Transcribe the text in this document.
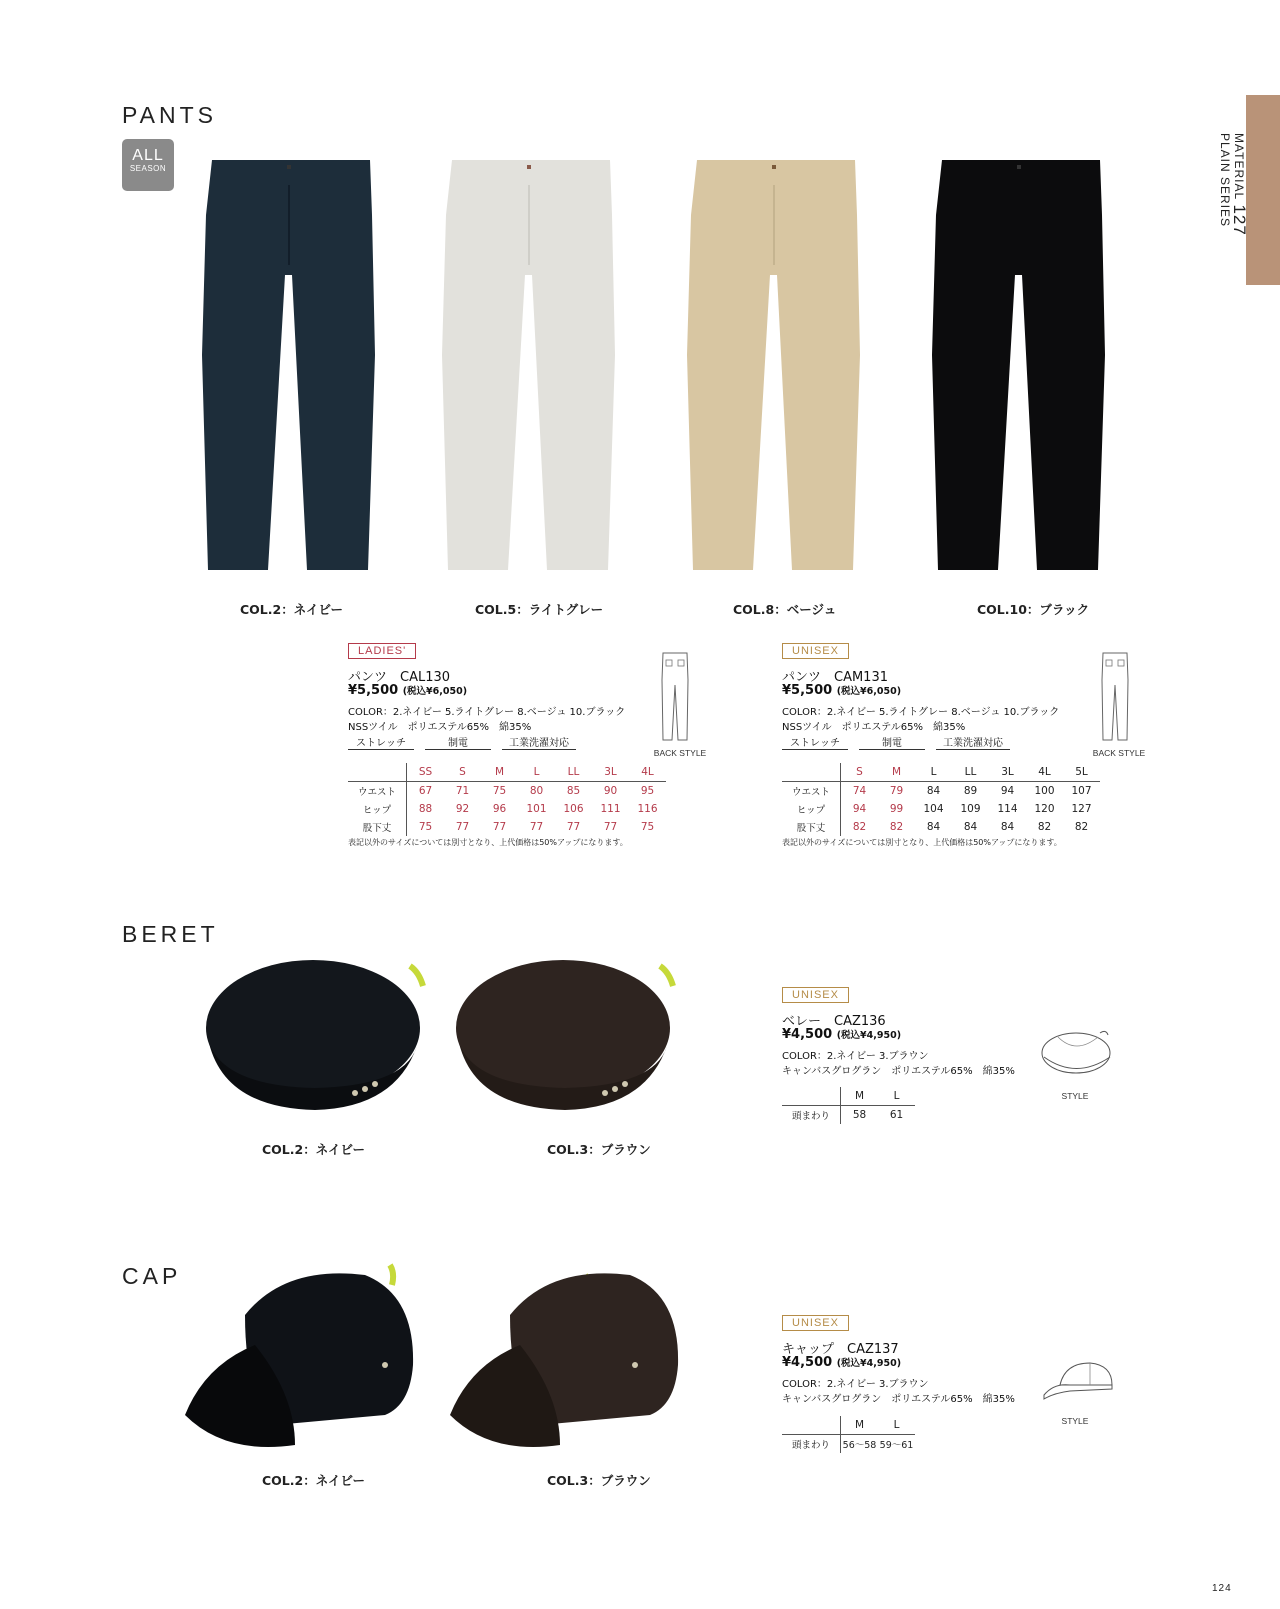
MATERIAL 127
PLAIN SERIES
PANTS
ALL
SEASON
COL.2：ネイビー	COL.5：ライトグレー	COL.8：ベージュ	COL.10：ブラック
LADIES'
パンツ　CAL130
¥5,500 (税込¥6,050)
COLOR：2.ネイビー 5.ライトグレー 8.ベージュ 10.ブラック
NSSツイル　ポリエステル65%　綿35%
ストレッチ	制電	工業洗濯対応
BACK STYLE
	SS	S	M	L	LL	3L	4L
ウエスト	67	71	75	80	85	90	95
ヒップ	88	92	96	101	106	111	116
股下丈	75	77	77	77	77	77	75
表記以外のサイズについては別寸となり、上代価格は50%アップになります。
UNISEX
パンツ　CAM131
¥5,500 (税込¥6,050)
COLOR：2.ネイビー 5.ライトグレー 8.ベージュ 10.ブラック
NSSツイル　ポリエステル65%　綿35%
ストレッチ	制電	工業洗濯対応
BACK STYLE
	S	M	L	LL	3L	4L	5L
ウエスト	74	79	84	89	94	100	107
ヒップ	94	99	104	109	114	120	127
股下丈	82	82	84	84	84	82	82
表記以外のサイズについては別寸となり、上代価格は50%アップになります。
BERET
COL.2：ネイビー	COL.3：ブラウン
UNISEX
ベレー　CAZ136
¥4,500 (税込¥4,950)
COLOR：2.ネイビー 3.ブラウン
キャンバスグログラン　ポリエステル65%　綿35%
STYLE
	M	L
頭まわり	58	61
CAP
COL.2：ネイビー	COL.3：ブラウン
UNISEX
キャップ　CAZ137
¥4,500 (税込¥4,950)
COLOR：2.ネイビー 3.ブラウン
キャンバスグログラン　ポリエステル65%　綿35%
STYLE
	M	L
頭まわり	56～58	59～61
124
